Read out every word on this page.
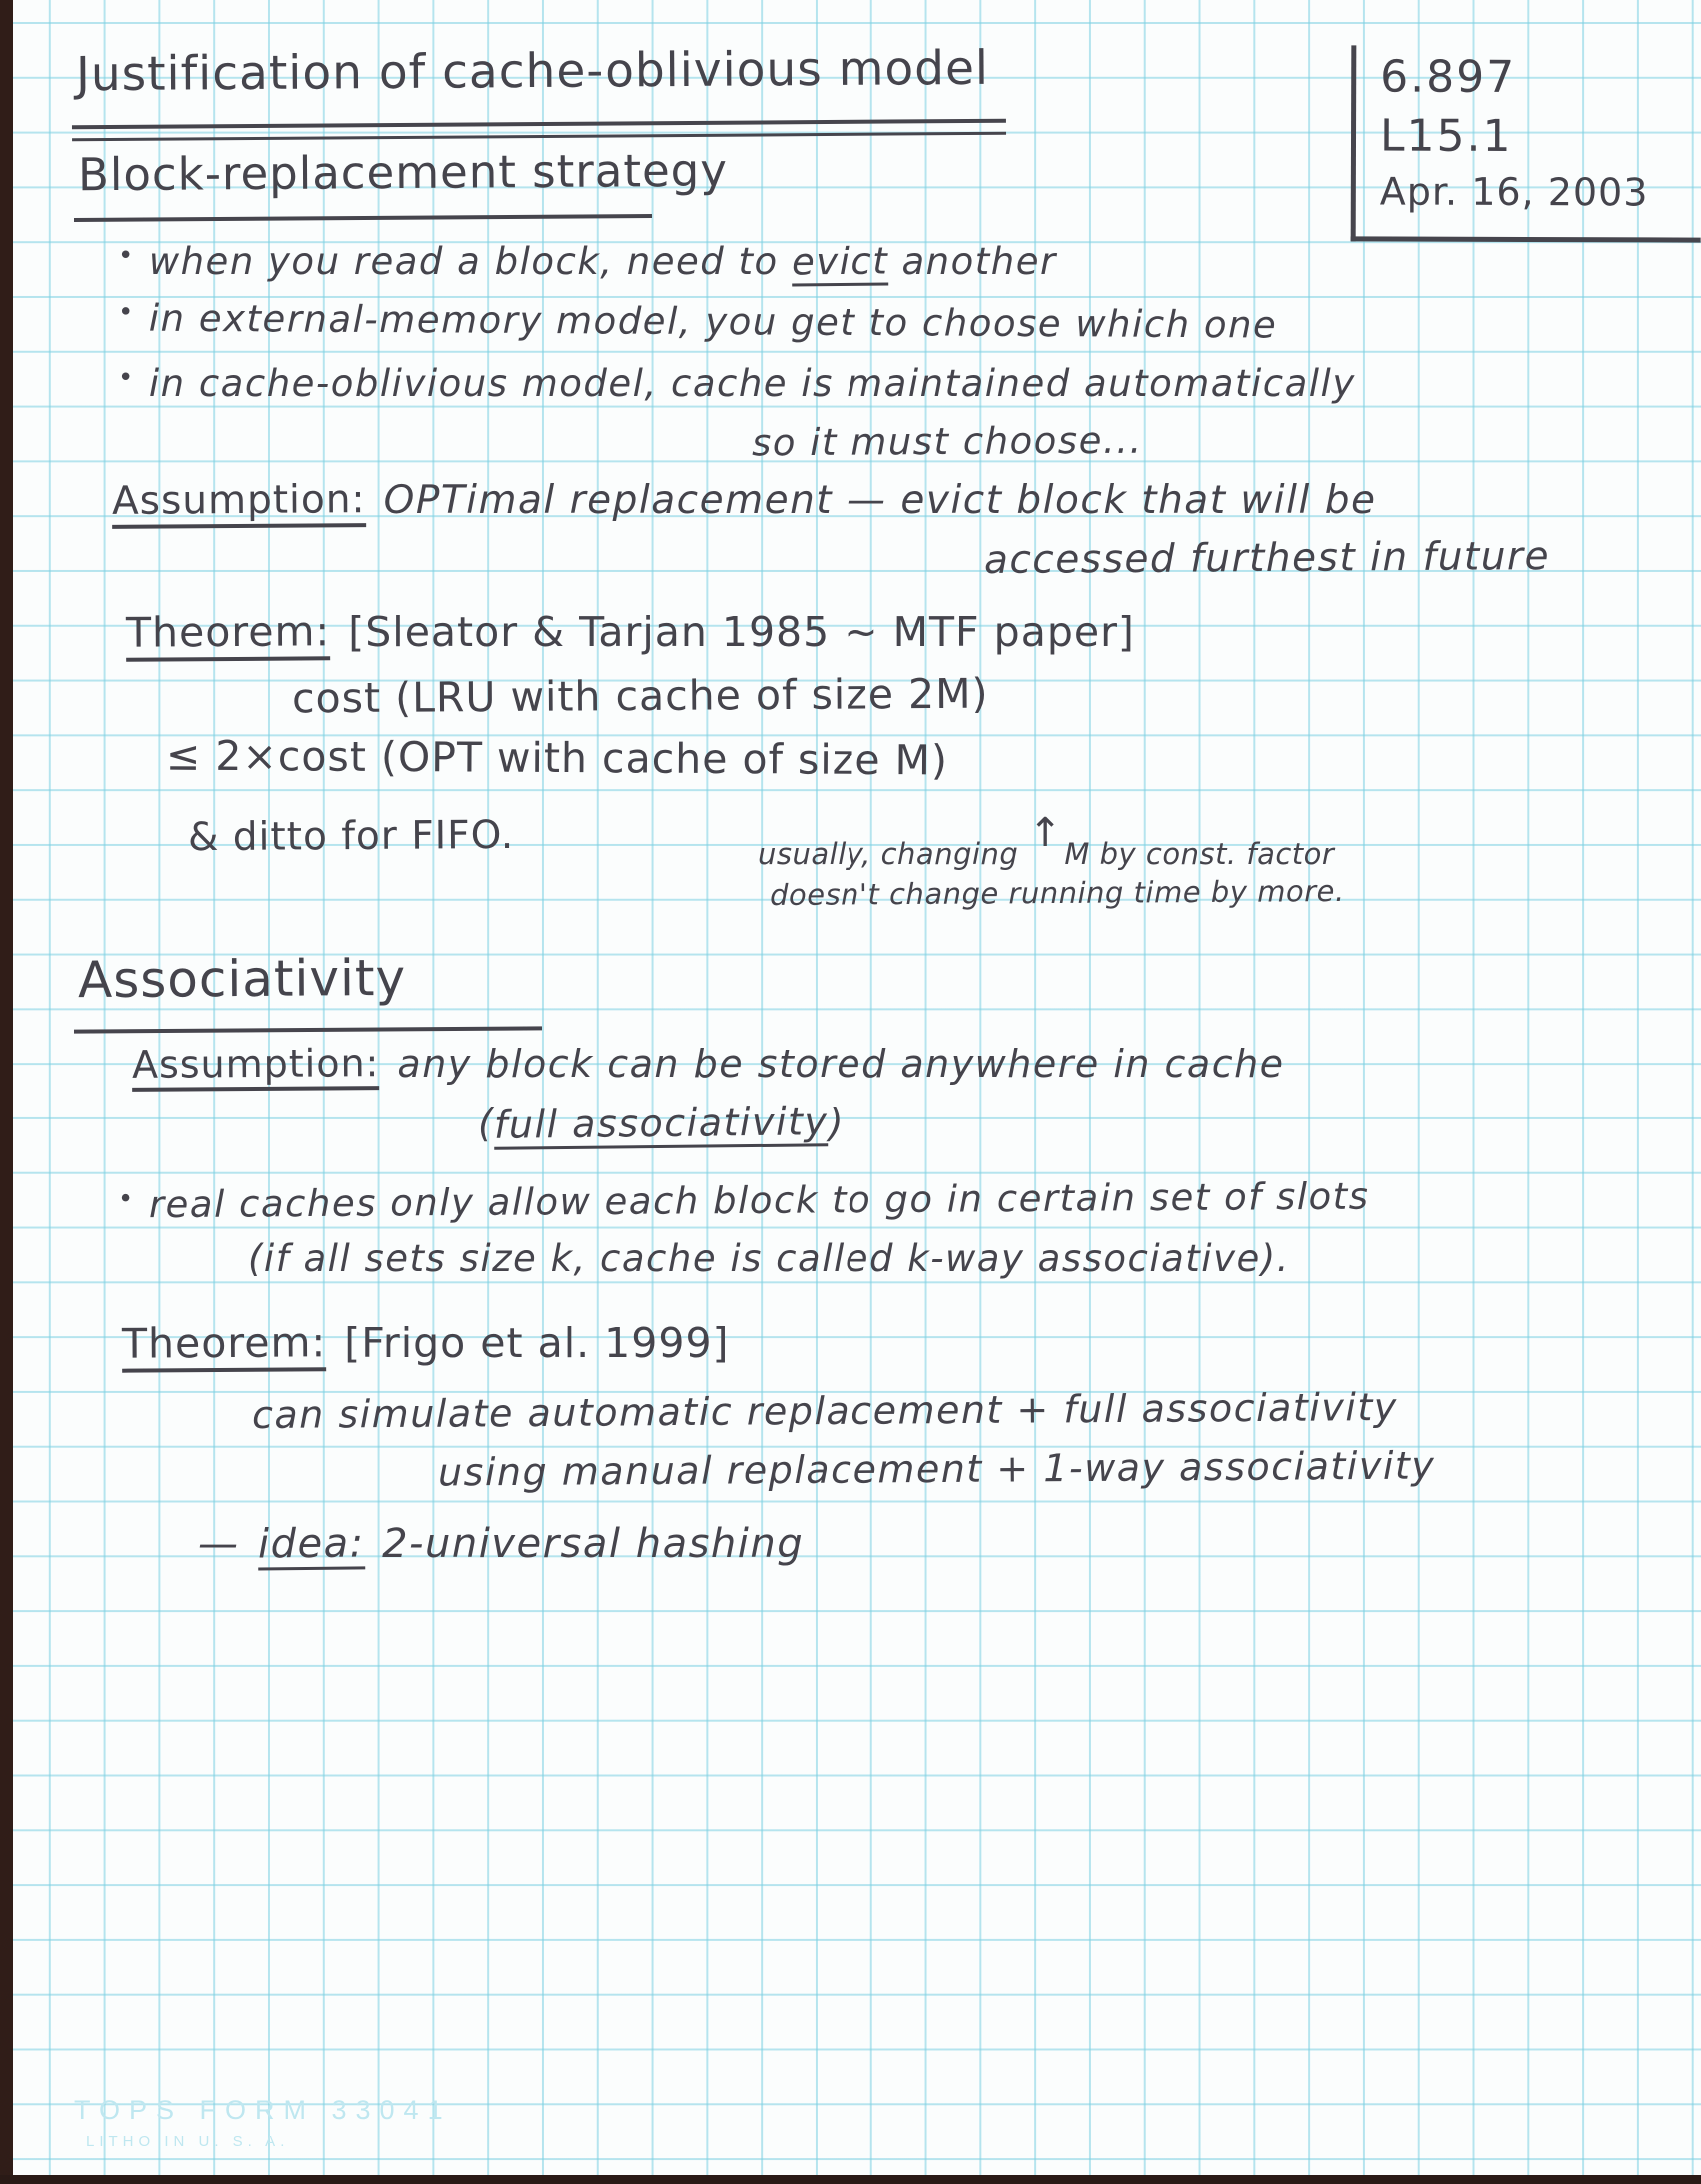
Justification of cache-oblivious model	6.897
L15.1
Apr. 16, 2003
Block-replacement strategy
• when you read a block, need to evict another
• in external-memory model, you get to choose which one
• in cache-oblivious model, cache is maintained automatically
so it must choose...
Assumption: OPTimal replacement — evict block that will be
accessed furthest in future
Theorem: [Sleator & Tarjan 1985 ~ MTF paper]
cost (LRU with cache of size 2M)
≤ 2×cost (OPT with cache of size M)
& ditto for FIFO.	usually, changing ↑M by const. factor
doesn't change running time by more.
Associativity
Assumption: any block can be stored anywhere in cache
(full associativity)
• real caches only allow each block to go in certain set of slots
(if all sets size k, cache is called k-way associative).
Theorem: [Frigo et al. 1999]
can simulate automatic replacement + full associativity
using manual replacement + 1-way associativity
— idea: 2-universal hashing
TOPS FORM 33041
LITHO IN U. S. A.
